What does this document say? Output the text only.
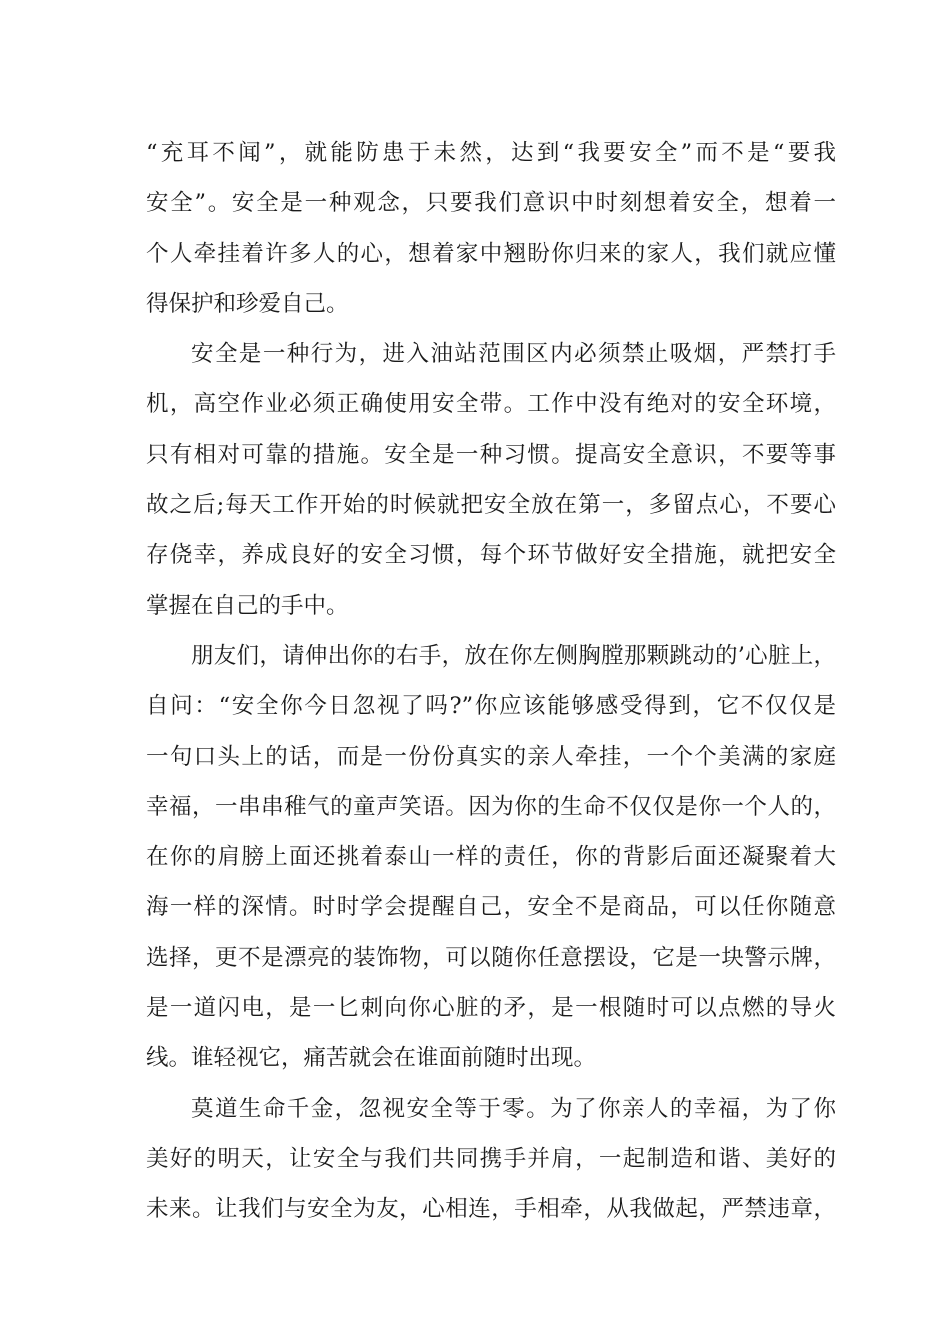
“充耳不闻”，就能防患于未然，达到“我要安全”而不是“要我
安全”。安全是一种观念，只要我们意识中时刻想着安全，想着一
个人牵挂着许多人的心，想着家中翘盼你归来的家人，我们就应懂
得保护和珍爱自己。
安全是一种行为，进入油站范围区内必须禁止吸烟，严禁打手
机，高空作业必须正确使用安全带。工作中没有绝对的安全环境，
只有相对可靠的措施。安全是一种习惯。提高安全意识，不要等事
故之后;每天工作开始的时候就把安全放在第一，多留点心，不要心
存侥幸，养成良好的安全习惯，每个环节做好安全措施，就把安全
掌握在自己的手中。
朋友们，请伸出你的右手，放在你左侧胸膛那颗跳动的’心脏上，
自问：“安全你今日忽视了吗?”你应该能够感受得到，它不仅仅是
一句口头上的话，而是一份份真实的亲人牵挂，一个个美满的家庭
幸福，一串串稚气的童声笑语。因为你的生命不仅仅是你一个人的，
在你的肩膀上面还挑着泰山一样的责任，你的背影后面还凝聚着大
海一样的深情。时时学会提醒自己，安全不是商品，可以任你随意
选择，更不是漂亮的装饰物，可以随你任意摆设，它是一块警示牌，
是一道闪电，是一匕刺向你心脏的矛，是一根随时可以点燃的导火
线。谁轻视它，痛苦就会在谁面前随时出现。
莫道生命千金，忽视安全等于零。为了你亲人的幸福，为了你
美好的明天，让安全与我们共同携手并肩，一起制造和谐、美好的
未来。让我们与安全为友，心相连，手相牵，从我做起，严禁违章，
